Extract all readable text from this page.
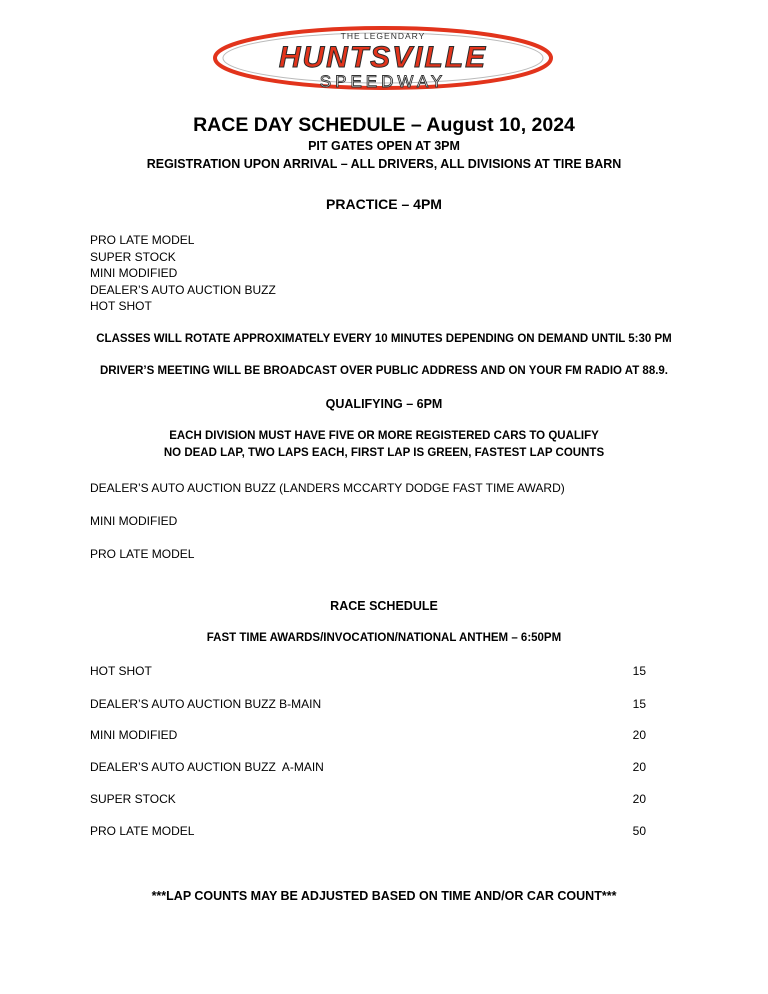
THE LEGENDARY
HUNTSVILLE
SPEEDWAY
RACE DAY SCHEDULE – August 10, 2024
PIT GATES OPEN AT 3PM
REGISTRATION UPON ARRIVAL – ALL DRIVERS, ALL DIVISIONS AT TIRE BARN
PRACTICE – 4PM
PRO LATE MODEL
SUPER STOCK
MINI MODIFIED
DEALER’S AUTO AUCTION BUZZ
HOT SHOT
CLASSES WILL ROTATE APPROXIMATELY EVERY 10 MINUTES DEPENDING ON DEMAND UNTIL 5:30 PM
DRIVER’S MEETING WILL BE BROADCAST OVER PUBLIC ADDRESS AND ON YOUR FM RADIO AT 88.9.
QUALIFYING – 6PM
EACH DIVISION MUST HAVE FIVE OR MORE REGISTERED CARS TO QUALIFY
NO DEAD LAP, TWO LAPS EACH, FIRST LAP IS GREEN, FASTEST LAP COUNTS
DEALER’S AUTO AUCTION BUZZ (LANDERS MCCARTY DODGE FAST TIME AWARD)
MINI MODIFIED
PRO LATE MODEL
RACE SCHEDULE
FAST TIME AWARDS/INVOCATION/NATIONAL ANTHEM – 6:50PM
HOT SHOT	15
DEALER’S AUTO AUCTION BUZZ B-MAIN	15
MINI MODIFIED	20
DEALER’S AUTO AUCTION BUZZ  A-MAIN	20
SUPER STOCK	20
PRO LATE MODEL	50
***LAP COUNTS MAY BE ADJUSTED BASED ON TIME AND/OR CAR COUNT***
